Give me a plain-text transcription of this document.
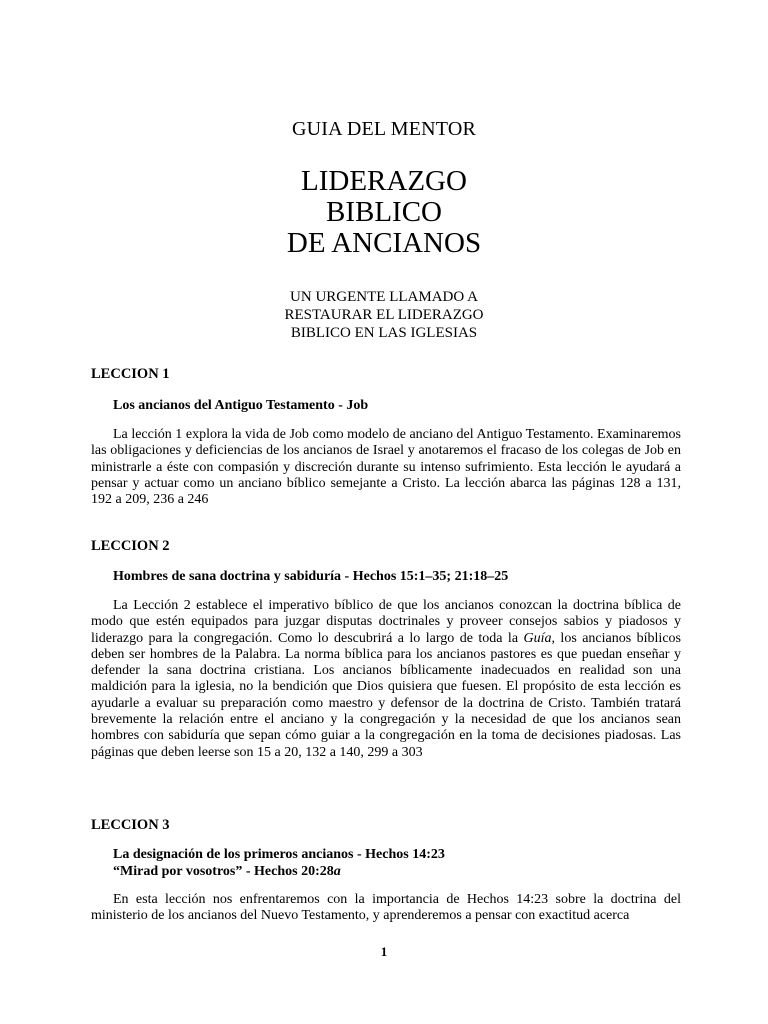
GUIA DEL MENTOR
LIDERAZGO
BIBLICO
DE ANCIANOS
UN URGENTE LLAMADO A
RESTAURAR EL LIDERAZGO
BIBLICO EN LAS IGLESIAS
LECCION 1
Los ancianos del Antiguo Testamento - Job

La lección 1 explora la vida de Job como modelo de anciano del Antiguo Testamento. Examinaremos las obligaciones y deficiencias de los ancianos de Israel y anotaremos el fracaso de los colegas de Job en ministrarle a éste con compasión y discreción durante su intenso sufrimiento. Esta lección le ayudará a pensar y actuar como un anciano bíblico semejante a Cristo. La lección abarca las páginas 128 a 131, 192 a 209, 236 a 246

LECCION 2
Hombres de sana doctrina y sabiduría - Hechos 15:1–35; 21:18–25

La Lección 2 establece el imperativo bíblico de que los ancianos conozcan la doctrina bíblica de modo que estén equipados para juzgar disputas doctrinales y proveer consejos sabios y piadosos y liderazgo para la congregación. Como lo descubrirá a lo largo de toda la Guía, los ancianos bíblicos deben ser hombres de la Palabra. La norma bíblica para los ancianos pastores es que puedan enseñar y defender la sana doctrina cristiana. Los ancianos bíblicamente inadecuados en realidad son una maldición para la iglesia, no la bendición que Dios quisiera que fuesen. El propósito de esta lección es ayudarle a evaluar su preparación como maestro y defensor de la doctrina de Cristo. También tratará brevemente la relación entre el anciano y la congregación y la necesidad de que los ancianos sean hombres con sabiduría que sepan cómo guiar a la congregación en la toma de decisiones piadosas. Las páginas que deben leerse son 15 a 20, 132 a 140, 299 a 303

LECCION 3
La designación de los primeros ancianos - Hechos 14:23
“Mirad por vosotros” - Hechos 20:28a

En esta lección nos enfrentaremos con la importancia de Hechos 14:23 sobre la doctrina del ministerio de los ancianos del Nuevo Testamento, y aprenderemos a pensar con exactitud acerca

1
